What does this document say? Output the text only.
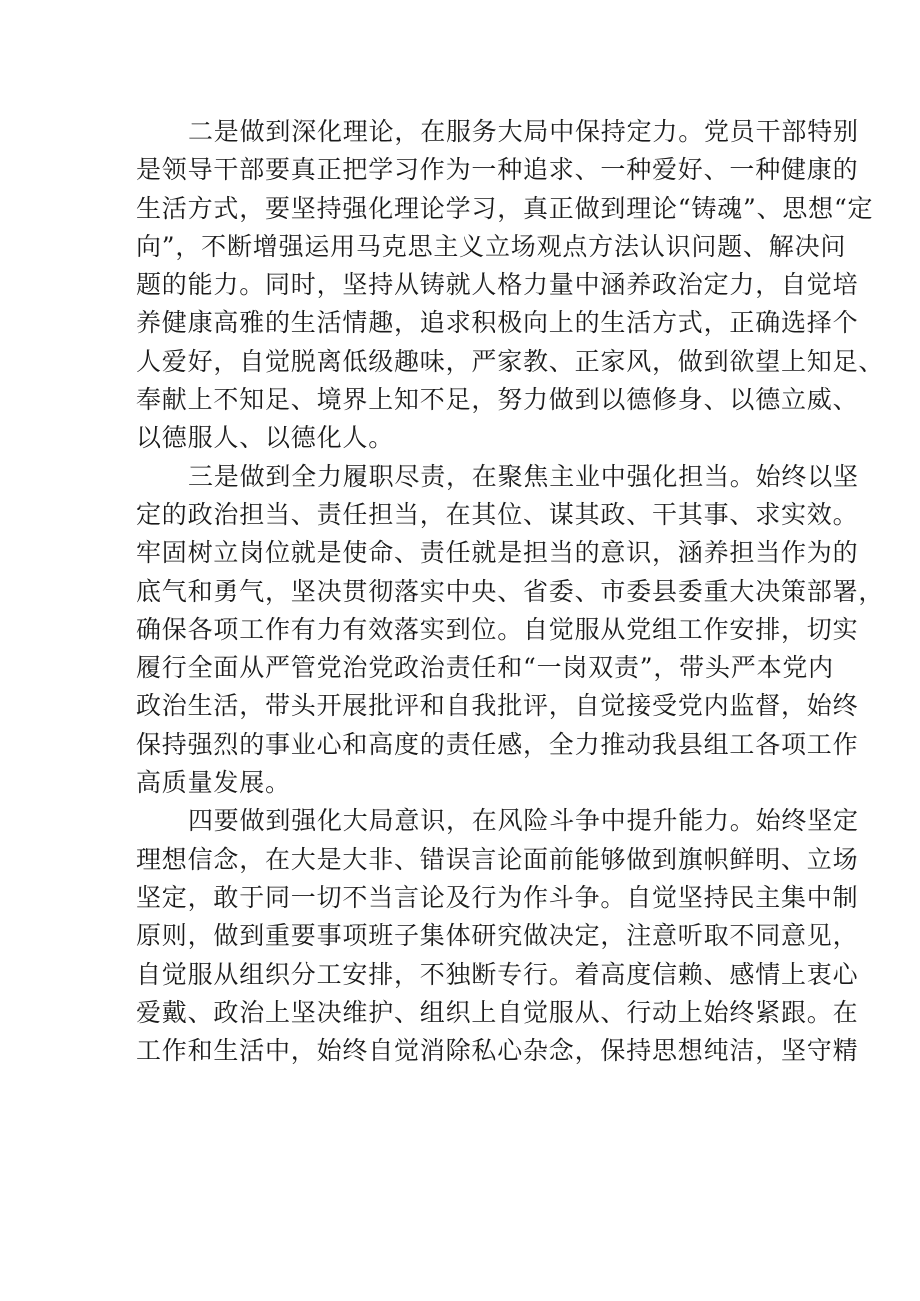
二是做到深化理论，在服务大局中保持定力。党员干部特别
是领导干部要真正把学习作为一种追求、一种爱好、一种健康的
生活方式，要坚持强化理论学习，真正做到理论“铸魂”、思想“定
向”，不断增强运用马克思主义立场观点方法认识问题、解决问
题的能力。同时，坚持从铸就人格力量中涵养政治定力，自觉培
养健康高雅的生活情趣，追求积极向上的生活方式，正确选择个
人爱好，自觉脱离低级趣味，严家教、正家风，做到欲望上知足、
奉献上不知足、境界上知不足，努力做到以德修身、以德立威、
以德服人、以德化人。
三是做到全力履职尽责，在聚焦主业中强化担当。始终以坚
定的政治担当、责任担当，在其位、谋其政、干其事、求实效。
牢固树立岗位就是使命、责任就是担当的意识，涵养担当作为的
底气和勇气，坚决贯彻落实中央、省委、市委县委重大决策部署，
确保各项工作有力有效落实到位。自觉服从党组工作安排，切实
履行全面从严管党治党政治责任和“一岗双责”，带头严本党内
政治生活，带头开展批评和自我批评，自觉接受党内监督，始终
保持强烈的事业心和高度的责任感，全力推动我县组工各项工作
高质量发展。
四要做到强化大局意识，在风险斗争中提升能力。始终坚定
理想信念，在大是大非、错误言论面前能够做到旗帜鲜明、立场
坚定，敢于同一切不当言论及行为作斗争。自觉坚持民主集中制
原则，做到重要事项班子集体研究做决定，注意听取不同意见，
自觉服从组织分工安排，不独断专行。着高度信赖、感情上衷心
爱戴、政治上坚决维护、组织上自觉服从、行动上始终紧跟。在
工作和生活中，始终自觉消除私心杂念，保持思想纯洁，坚守精
